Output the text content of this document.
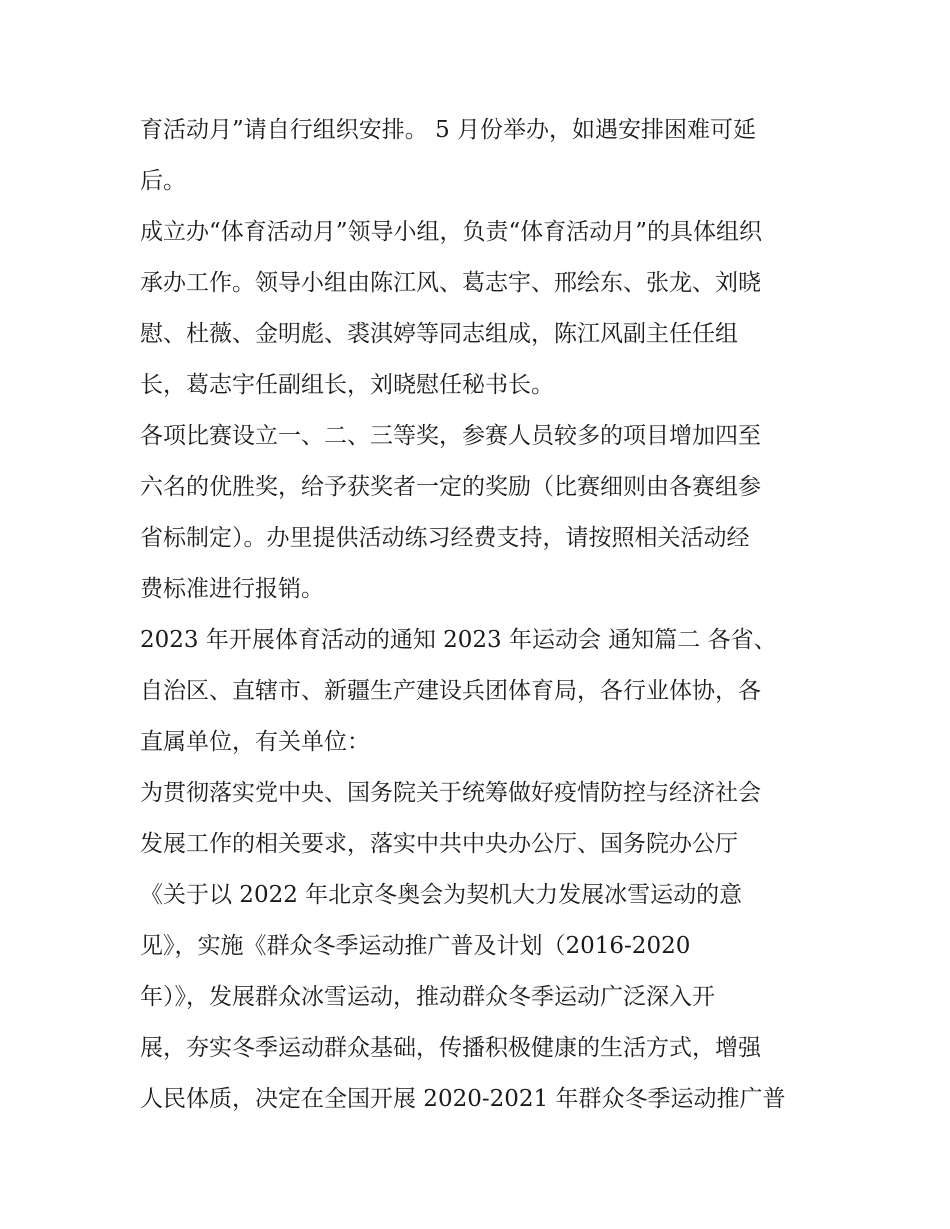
育活动月”请自行组织安排。 5 月份举办，如遇安排困难可延
后。
成立办“体育活动月”领导小组，负责“体育活动月”的具体组织
承办工作。领导小组由陈江风、葛志宇、邢绘东、张龙、刘晓
慰、杜薇、金明彪、裘淇婷等同志组成，陈江风副主任任组
长，葛志宇任副组长，刘晓慰任秘书长。
各项比赛设立一、二、三等奖，参赛人员较多的项目增加四至
六名的优胜奖，给予获奖者一定的奖励（比赛细则由各赛组参
省标制定）。办里提供活动练习经费支持，请按照相关活动经
费标准进行报销。
2023 年开展体育活动的通知 2023 年运动会 通知篇二 各省、
自治区、直辖市、新疆生产建设兵团体育局，各行业体协，各
直属单位，有关单位：
为贯彻落实党中央、国务院关于统筹做好疫情防控与经济社会
发展工作的相关要求，落实中共中央办公厅、国务院办公厅
《关于以 2022 年北京冬奥会为契机大力发展冰雪运动的意
见》，实施《群众冬季运动推广普及计划（2016-2020
年）》，发展群众冰雪运动，推动群众冬季运动广泛深入开
展，夯实冬季运动群众基础，传播积极健康的生活方式，增强
人民体质，决定在全国开展 2020-2021 年群众冬季运动推广普
